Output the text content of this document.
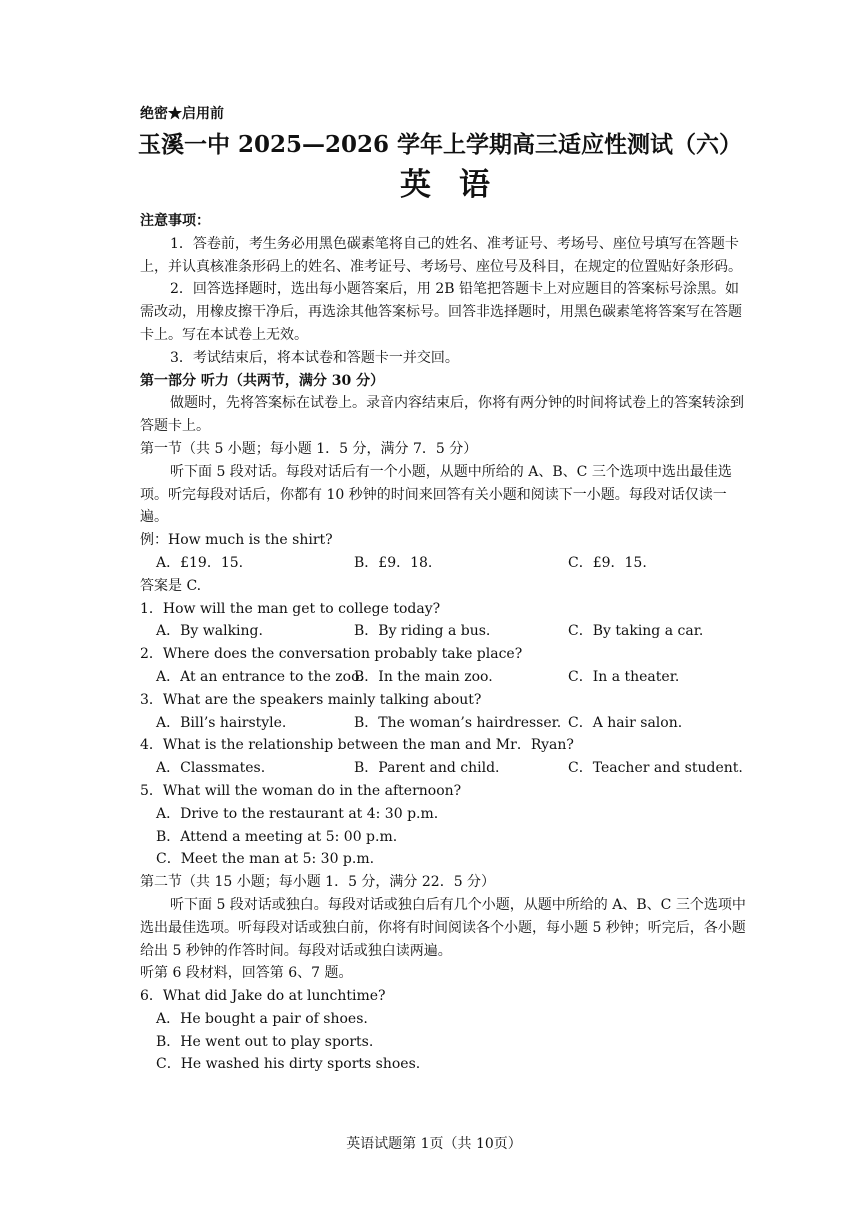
绝密★启用前
玉溪一中 2025—2026 学年上学期高三适应性测试（六）
英语
注意事项：
1．答卷前，考生务必用黑色碳素笔将自己的姓名、准考证号、考场号、座位号填写在答题卡上，并认真核准条形码上的姓名、准考证号、考场号、座位号及科目，在规定的位置贴好条形码。
2．回答选择题时，选出每小题答案后，用 2B 铅笔把答题卡上对应题目的答案标号涂黑。如需改动，用橡皮擦干净后，再选涂其他答案标号。回答非选择题时，用黑色碳素笔将答案写在答题卡上。写在本试卷上无效。
3．考试结束后，将本试卷和答题卡一并交回。
第一部分 听力（共两节，满分 30 分）
做题时，先将答案标在试卷上。录音内容结束后，你将有两分钟的时间将试卷上的答案转涂到答题卡上。
第一节（共 5 小题；每小题 1．5 分，满分 7．5 分）
听下面 5 段对话。每段对话后有一个小题，从题中所给的 A、B、C 三个选项中选出最佳选项。听完每段对话后，你都有 10 秒钟的时间来回答有关小题和阅读下一小题。每段对话仅读一遍。
例：How much is the shirt?
A．£19．15.	B．£9．18.	C．£9．15.
答案是 C.
1．How will the man get to college today?
A．By walking.	B．By riding a bus.	C．By taking a car.
2．Where does the conversation probably take place?
A．At an entrance to the zoo.
B．In the main zoo.	C．In a theater.
3．What are the speakers mainly talking about?
A．Bill’s hairstyle.	B．The woman’s hairdresser. C．A hair salon.
4．What is the relationship between the man and Mr．Ryan?
A．Classmates.	B．Parent and child.	C．Teacher and student.
5．What will the woman do in the afternoon?
A．Drive to the restaurant at 4: 30 p.m.
B．Attend a meeting at 5: 00 p.m.
C．Meet the man at 5: 30 p.m.
第二节（共 15 小题；每小题 1．5 分，满分 22．5 分）
听下面 5 段对话或独白。每段对话或独白后有几个小题，从题中所给的 A、B、C 三个选项中选出最佳选项。听每段对话或独白前，你将有时间阅读各个小题，每小题 5 秒钟；听完后，各小题给出 5 秒钟的作答时间。每段对话或独白读两遍。
听第 6 段材料，回答第 6、7 题。
6．What did Jake do at lunchtime?
A．He bought a pair of shoes.
B．He went out to play sports.
C．He washed his dirty sports shoes.
英语试题第 1页（共 10页）
